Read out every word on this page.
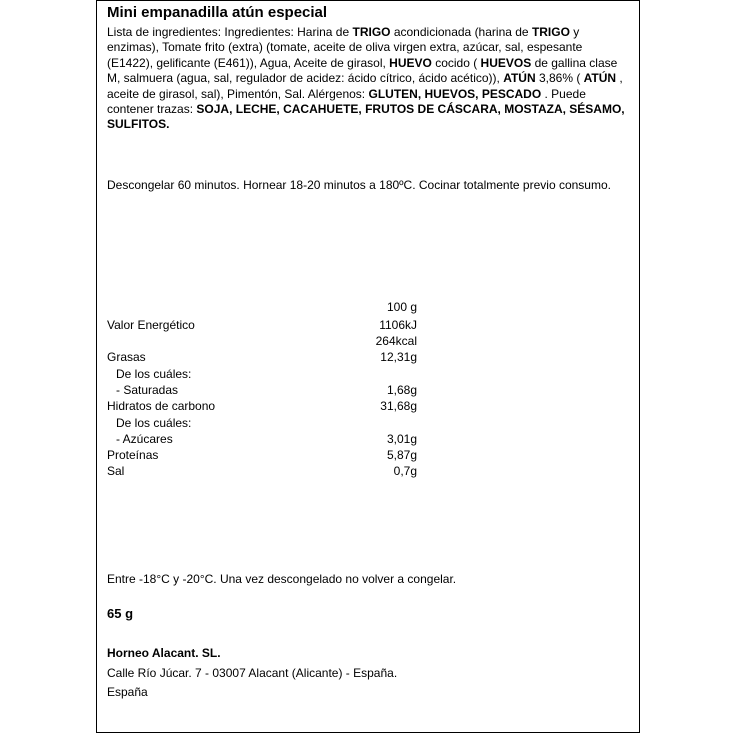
Mini empanadilla atún especial
Lista de ingredientes: Ingredientes: Harina de TRIGO acondicionada (harina de TRIGO y enzimas), Tomate frito (extra) (tomate, aceite de oliva virgen extra, azúcar, sal, espesante (E1422), gelificante (E461)), Agua, Aceite de girasol, HUEVO cocido ( HUEVOS de gallina clase M, salmuera (agua, sal, regulador de acidez: ácido cítrico, ácido acético)), ATÚN 3,86% ( ATÚN , aceite de girasol, sal), Pimentón, Sal. Alérgenos: GLUTEN, HUEVOS, PESCADO . Puede contener trazas: SOJA, LECHE, CACAHUETE, FRUTOS DE CÁSCARA, MOSTAZA, SÉSAMO, SULFITOS.
Descongelar 60 minutos. Hornear 18-20 minutos a 180ºC. Cocinar totalmente previo consumo.
100 g
Valor Energético	1106kJ
264kcal
Grasas	12,31g
De los cuáles:
- Saturadas	1,68g
Hidratos de carbono	31,68g
De los cuáles:
- Azúcares	3,01g
Proteínas	5,87g
Sal	0,7g
Entre -18°C y -20°C. Una vez descongelado no volver a congelar.
65 g
Horneo Alacant. SL.
Calle Río Júcar. 7 - 03007 Alacant (Alicante) - España.
España
